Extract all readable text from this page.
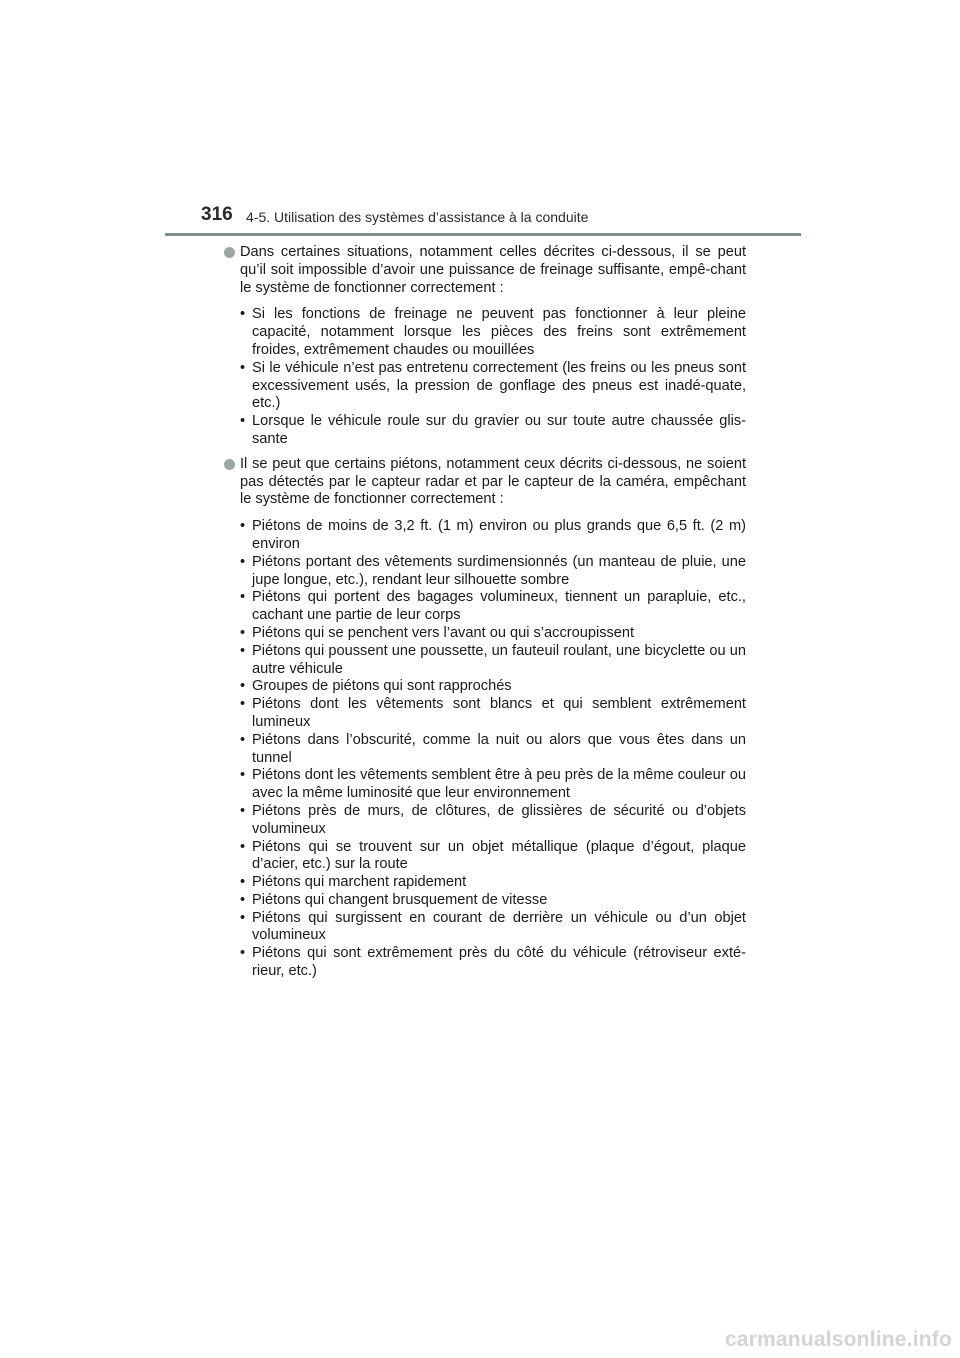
316 4-5. Utilisation des systèmes d’assistance à la conduite
Dans certaines situations, notamment celles décrites ci-dessous, il se peut qu’il soit impossible d’avoir une puissance de freinage suffisante, empê-chant le système de fonctionner correctement :
• Si les fonctions de freinage ne peuvent pas fonctionner à leur pleine capacité, notamment lorsque les pièces des freins sont extrêmement froides, extrêmement chaudes ou mouillées
• Si le véhicule n’est pas entretenu correctement (les freins ou les pneus sont excessivement usés, la pression de gonflage des pneus est inadé-quate, etc.)
• Lorsque le véhicule roule sur du gravier ou sur toute autre chaussée glis-sante
Il se peut que certains piétons, notamment ceux décrits ci-dessous, ne soient pas détectés par le capteur radar et par le capteur de la caméra, empêchant le système de fonctionner correctement :
• Piétons de moins de 3,2 ft. (1 m) environ ou plus grands que 6,5 ft. (2 m) environ
• Piétons portant des vêtements surdimensionnés (un manteau de pluie, une jupe longue, etc.), rendant leur silhouette sombre
• Piétons qui portent des bagages volumineux, tiennent un parapluie, etc., cachant une partie de leur corps
• Piétons qui se penchent vers l’avant ou qui s’accroupissent
• Piétons qui poussent une poussette, un fauteuil roulant, une bicyclette ou un autre véhicule
• Groupes de piétons qui sont rapprochés
• Piétons dont les vêtements sont blancs et qui semblent extrêmement lumineux
• Piétons dans l’obscurité, comme la nuit ou alors que vous êtes dans un tunnel
• Piétons dont les vêtements semblent être à peu près de la même couleur ou avec la même luminosité que leur environnement
• Piétons près de murs, de clôtures, de glissières de sécurité ou d’objets volumineux
• Piétons qui se trouvent sur un objet métallique (plaque d’égout, plaque d’acier, etc.) sur la route
• Piétons qui marchent rapidement
• Piétons qui changent brusquement de vitesse
• Piétons qui surgissent en courant de derrière un véhicule ou d’un objet volumineux
• Piétons qui sont extrêmement près du côté du véhicule (rétroviseur exté-rieur, etc.)
carmanualsonline.info
